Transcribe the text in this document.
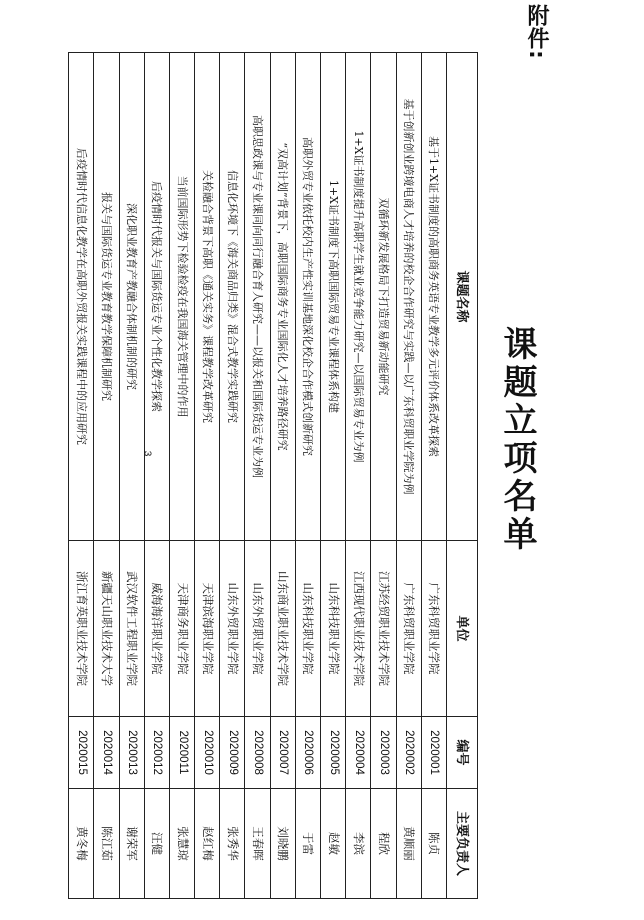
附件:
课题立项名单
3
课题名称	单位	编号	主要负责人
基于1+X证书制度的高职商务英语专业教学多元评价体系改革探索	广东科贸职业学院	2020001	陈贞
基于创新创业跨境电商人才培养的校企合作研究与实践—以广东科贸职业学院为例	广东科贸职业学院	2020002	黄顺丽
双循环新发展格局下打造贸易新动能研究	江苏经贸职业技术学院	2020003	程欣
1+X证书制度提升高职学生就业竞争能力研究—以国际贸易专业为例	江西现代职业技术学院	2020004	李滨
1+X证书制度下高职国际贸易专业课程体系构建	山东科技职业学院	2020005	赵敏
高职外贸专业依托校内生产性实训基地深化校企合作模式创新研究	山东科技职业学院	2020006	于雷
“双高计划”背景下，高职国际商务专业国际化人才培养路径研究	山东商业职业技术学院	2020007	刘晓鹏
高职思政课与专业课同向同行融合育人研究——以报关和国际货运专业为例	山东外贸职业学院	2020008	王春晖
信息化环境下《海关商品归类》混合式教学实践研究	山东外贸职业学院	2020009	张秀华
关检融合背景下高职《通关实务》课程教学改革研究	天津滨海职业学院	2020010	赵红梅
当前国际形势下检验检疫在我国海关管理中的作用	天津商务职业学院	2020011	张慧琼
后疫情时代报关与国际货运专业个性化教学探索	威海海洋职业学院	2020012	汪健
深化职业教育产教融合体制机制的研究	武汉软件工程职业学院	2020013	谢荣军
报关与国际货运专业教育教学保障机制研究	新疆天山职业技术大学	2020014	陈江茹
后疫情时代信息化教学在高职外贸报关实践课程中的应用研究	浙江育英职业技术学院	2020015	黄冬梅
